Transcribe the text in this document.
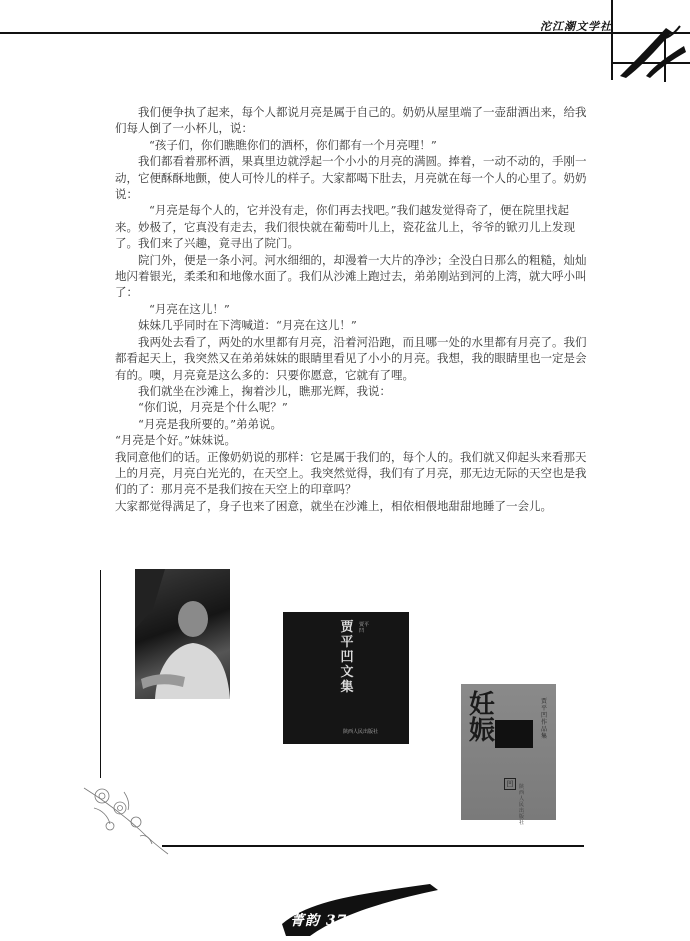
沱江潮文学社

我们便争执了起来，每个人都说月亮是属于自己的。奶奶从屋里端了一壶甜酒出来，给我们每人倒了一小杯儿，说：

“孩子们，你们瞧瞧你们的酒杯，你们都有一个月亮哩！”

我们都看着那杯酒，果真里边就浮起一个小小的月亮的满圆。捧着，一动不动的，手刚一动，它便酥酥地颤，使人可怜儿的样子。大家都喝下肚去，月亮就在每一个人的心里了。奶奶说：

“月亮是每个人的，它并没有走，你们再去找吧。”我们越发觉得奇了，便在院里找起来。妙极了，它真没有走去，我们很快就在葡萄叶儿上，瓷花盆儿上，爷爷的锨刃儿上发现了。我们来了兴趣，竟寻出了院门。

院门外，便是一条小河。河水细细的，却漫着一大片的净沙；全没白日那么的粗糙，灿灿地闪着银光，柔柔和和地像水面了。我们从沙滩上跑过去，弟弟刚站到河的上湾，就大呼小叫了：

“月亮在这儿！”

妹妹几乎同时在下湾喊道：“月亮在这儿！”

我两处去看了，两处的水里都有月亮，沿着河沿跑，而且哪一处的水里都有月亮了。我们都看起天上，我突然又在弟弟妹妹的眼睛里看见了小小的月亮。我想，我的眼睛里也一定是会有的。噢，月亮竟是这么多的：只要你愿意，它就有了哩。

我们就坐在沙滩上，掬着沙儿，瞧那光辉，我说：

“你们说，月亮是个什么呢？”

“月亮是我所要的。”弟弟说。

“月亮是个好。”妹妹说。

我同意他们的话。正像奶奶说的那样：它是属于我们的，每个人的。我们就又仰起头来看那天上的月亮，月亮白光光的，在天空上。我突然觉得，我们有了月亮，那无边无际的天空也是我们的了：那月亮不是我们按在天空上的印章吗？

大家都觉得满足了，身子也来了困意，就坐在沙滩上，相依相偎地甜甜地睡了一会儿。

贾平凹文集
贾平凹
陕西人民出版社
妊娠
贾平凹作品集
凹	陕西人民出版社
菁韵 37
